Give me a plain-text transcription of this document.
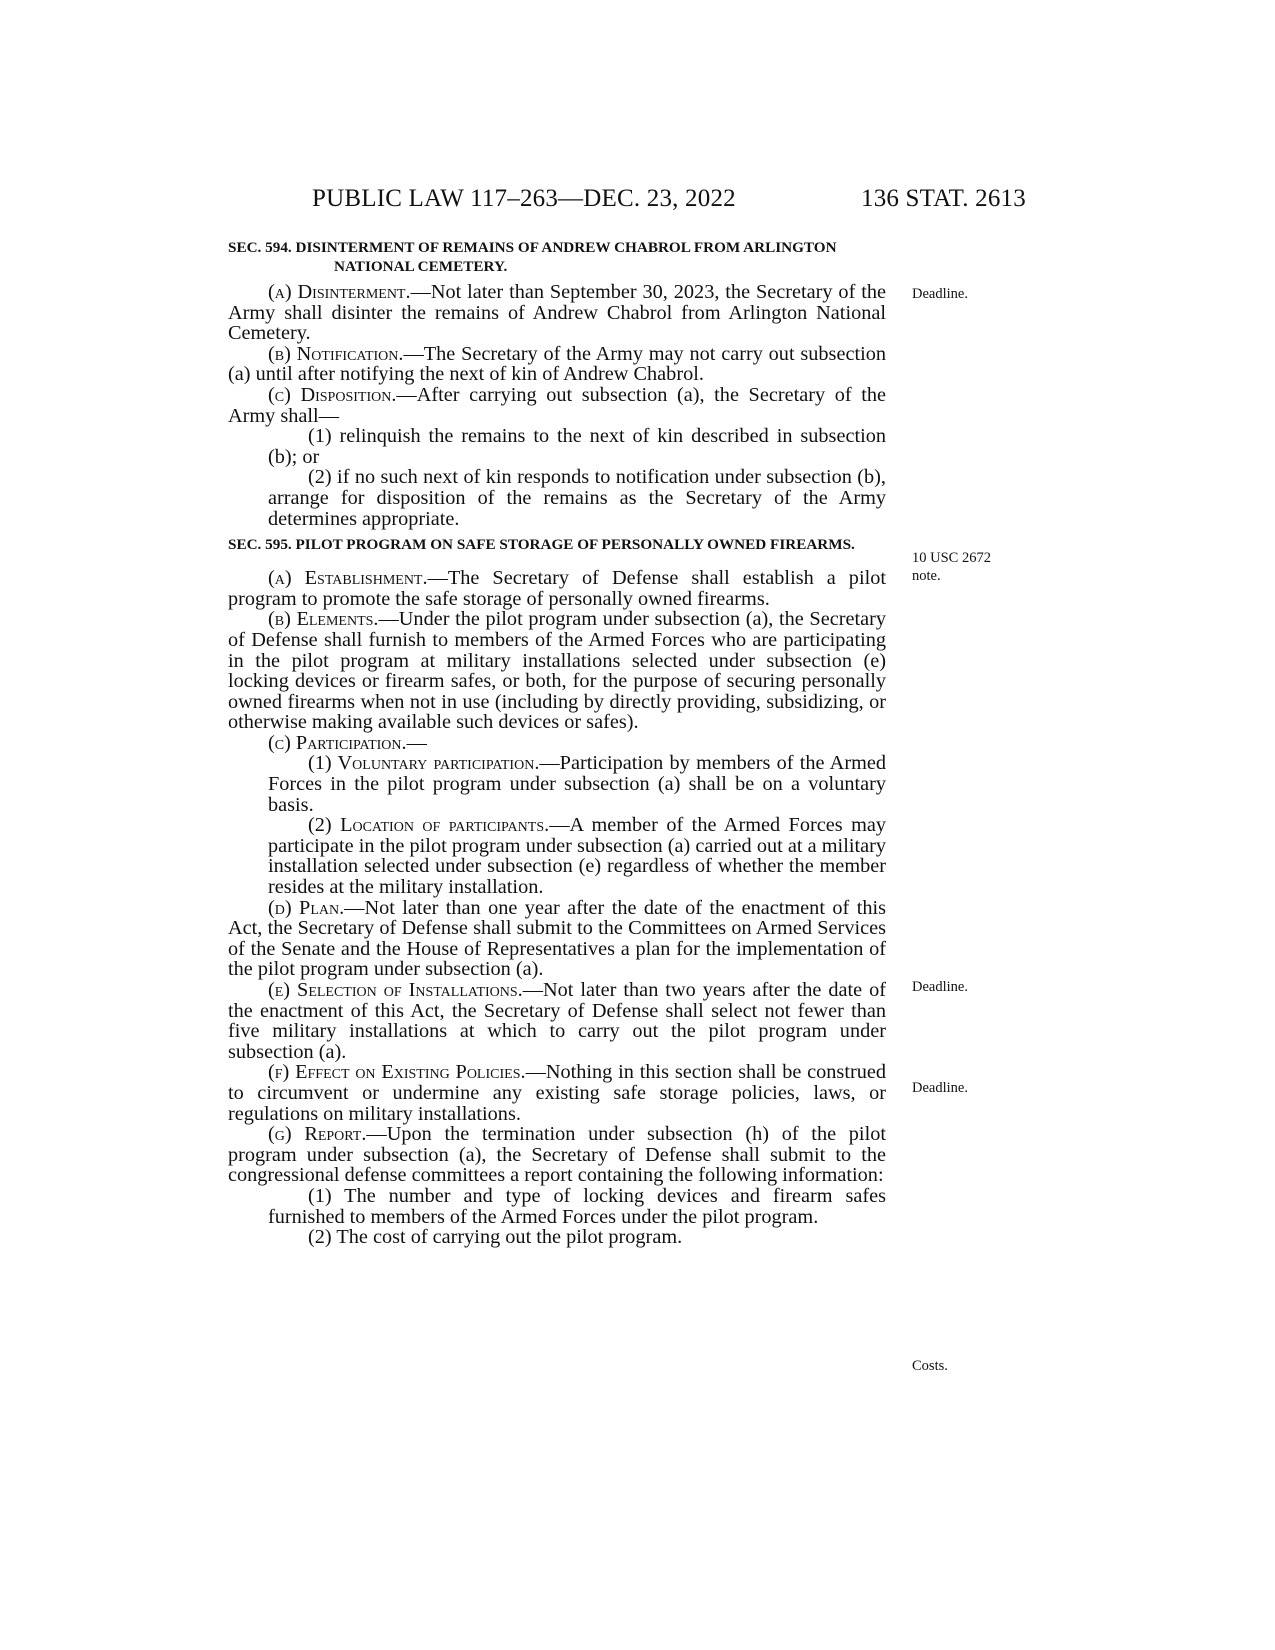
PUBLIC LAW 117–263—DEC. 23, 2022	136 STAT. 2613
SEC. 594. DISINTERMENT OF REMAINS OF ANDREW CHABROL FROM ARLINGTON NATIONAL CEMETERY.

(a) Disinterment.—Not later than September 30, 2023, the Secretary of the Army shall disinter the remains of Andrew Chabrol from Arlington National Cemetery.

(b) Notification.—The Secretary of the Army may not carry out subsection (a) until after notifying the next of kin of Andrew Chabrol.

(c) Disposition.—After carrying out subsection (a), the Secretary of the Army shall—

(1) relinquish the remains to the next of kin described in subsection (b); or

(2) if no such next of kin responds to notification under subsection (b), arrange for disposition of the remains as the Secretary of the Army determines appropriate.

SEC. 595. PILOT PROGRAM ON SAFE STORAGE OF PERSONALLY OWNED FIREARMS.

(a) Establishment.—The Secretary of Defense shall establish a pilot program to promote the safe storage of personally owned firearms.

(b) Elements.—Under the pilot program under subsection (a), the Secretary of Defense shall furnish to members of the Armed Forces who are participating in the pilot program at military installations selected under subsection (e) locking devices or firearm safes, or both, for the purpose of securing personally owned firearms when not in use (including by directly providing, subsidizing, or otherwise making available such devices or safes).

(c) Participation.—

(1) Voluntary participation.—Participation by members of the Armed Forces in the pilot program under subsection (a) shall be on a voluntary basis.

(2) Location of participants.—A member of the Armed Forces may participate in the pilot program under subsection (a) carried out at a military installation selected under subsection (e) regardless of whether the member resides at the military installation.

(d) Plan.—Not later than one year after the date of the enactment of this Act, the Secretary of Defense shall submit to the Committees on Armed Services of the Senate and the House of Representatives a plan for the implementation of the pilot program under subsection (a).

(e) Selection of Installations.—Not later than two years after the date of the enactment of this Act, the Secretary of Defense shall select not fewer than five military installations at which to carry out the pilot program under subsection (a).

(f) Effect on Existing Policies.—Nothing in this section shall be construed to circumvent or undermine any existing safe storage policies, laws, or regulations on military installations.

(g) Report.—Upon the termination under subsection (h) of the pilot program under subsection (a), the Secretary of Defense shall submit to the congressional defense committees a report containing the following information:

(1) The number and type of locking devices and firearm safes furnished to members of the Armed Forces under the pilot program.

(2) The cost of carrying out the pilot program.

Deadline.
10 USC 2672 note.
Deadline.
Deadline.
Costs.
